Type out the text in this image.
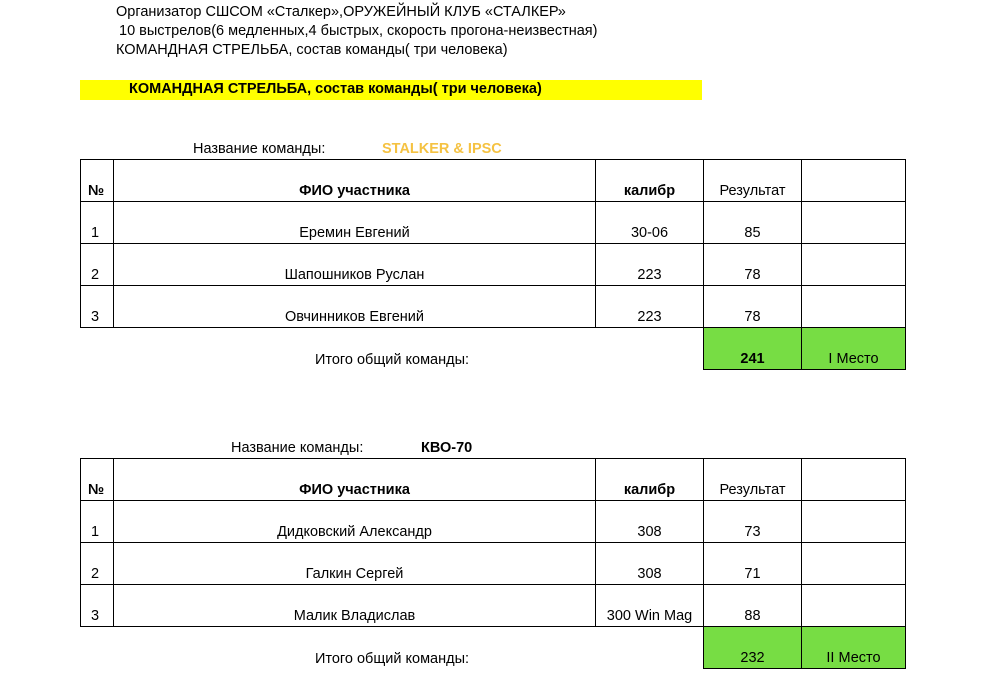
Организатор СШСОМ «Сталкер»,ОРУЖЕЙНЫЙ КЛУБ «СТАЛКЕР»
10 выстрелов(6 медленных,4 быстрых, скорость прогона-неизвестная)
КОМАНДНАЯ СТРЕЛЬБА, состав команды( три человека)
КОМАНДНАЯ СТРЕЛЬБА, состав команды( три человека)
Название команды:	STALKER & IPSC
№	ФИО участника	калибр	Результат	
1	Еремин Евгений	30-06	85	
2	Шапошников Руслан	223	78	
3	Овчинников Евгений	223	78	
	Итого общий команды:		241	I Место
Название команды:	КВО-70
№	ФИО участника	калибр	Результат	
1	Дидковский Александр	308	73	
2	Галкин Сергей	308	71	
3	Малик Владислав	300 Win Mag	88	
	Итого общий команды:		232	II Место
